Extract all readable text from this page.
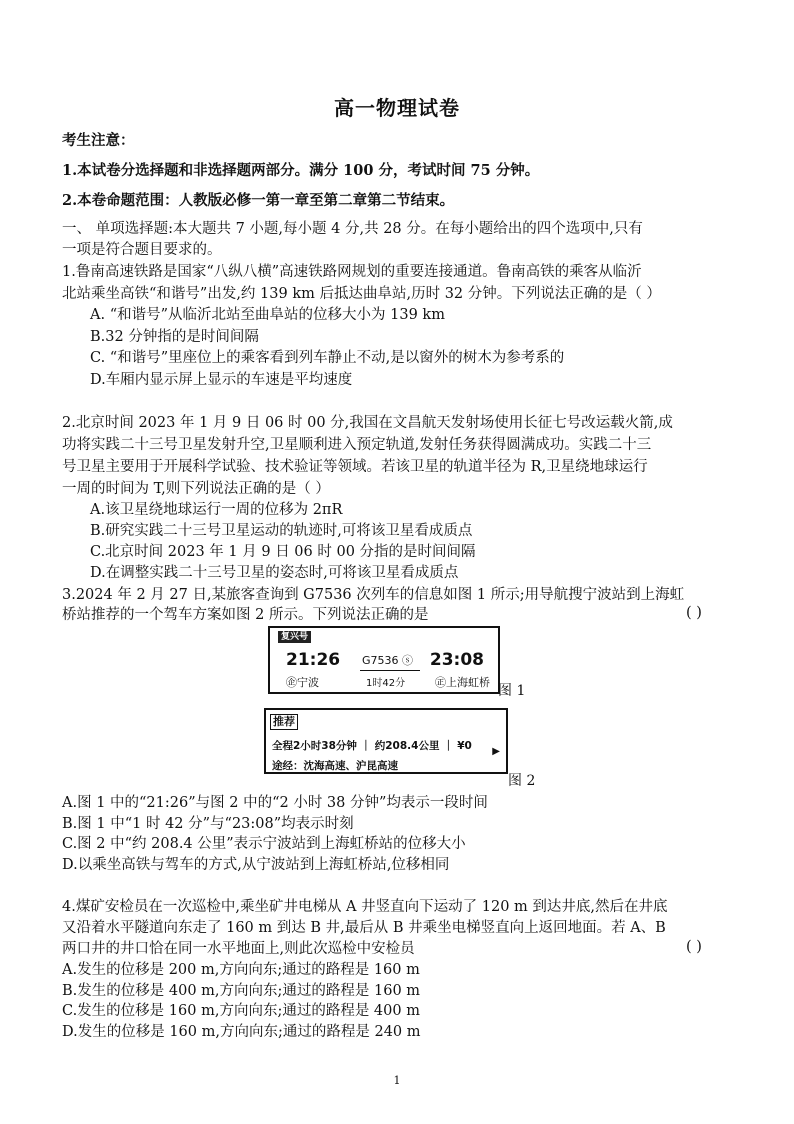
高一物理试卷
考生注意：
1.本试卷分选择题和非选择题两部分。满分 100 分，考试时间 75 分钟。
2.本卷命题范围：人教版必修一第一章至第二章第二节结束。
一、 单项选择题:本大题共 7 小题,每小题 4 分,共 28 分。在每小题给出的四个选项中,只有
一项是符合题目要求的。
1.鲁南高速铁路是国家“八纵八横”高速铁路网规划的重要连接通道。鲁南高铁的乘客从临沂
北站乘坐高铁“和谐号”出发,约 139 km 后抵达曲阜站,历时 32 分钟。下列说法正确的是（ ）
A. “和谐号”从临沂北站至曲阜站的位移大小为 139 km
B.32 分钟指的是时间间隔
C. “和谐号”里座位上的乘客看到列车静止不动,是以窗外的树木为参考系的
D.车厢内显示屏上显示的车速是平均速度
2.北京时间 2023 年 1 月 9 日 06 时 00 分,我国在文昌航天发射场使用长征七号改运载火箭,成
功将实践二十三号卫星发射升空,卫星顺利进入预定轨道,发射任务获得圆满成功。实践二十三
号卫星主要用于开展科学试验、技术验证等领域。若该卫星的轨道半径为 R,卫星绕地球运行
一周的时间为 T,则下列说法正确的是（ ）
A.该卫星绕地球运行一周的位移为 2πR
B.研究实践二十三号卫星运动的轨迹时,可将该卫星看成质点
C.北京时间 2023 年 1 月 9 日 06 时 00 分指的是时间间隔
D.在调整实践二十三号卫星的姿态时,可将该卫星看成质点
3.2024 年 2 月 27 日,某旅客查询到 G7536 次列车的信息如图 1 所示;用导航搜宁波站到上海虹
桥站推荐的一个驾车方案如图 2 所示。下列说法正确的是	( )
复兴号
21:26 G7536 ⓢ
1时42分
23:08
㊭宁波	㊣上海虹桥
图 1
推荐
全程2小时38分钟 ｜ 约208.4公里 ｜ ¥0
途经：沈海高速、沪昆高速
▶
图 2
A.图 1 中的“21:26”与图 2 中的“2 小时 38 分钟”均表示一段时间
B.图 1 中“1 时 42 分”与“23:08”均表示时刻
C.图 2 中“约 208.4 公里”表示宁波站到上海虹桥站的位移大小
D.以乘坐高铁与驾车的方式,从宁波站到上海虹桥站,位移相同
4.煤矿安检员在一次巡检中,乘坐矿井电梯从 A 井竖直向下运动了 120 m 到达井底,然后在井底
又沿着水平隧道向东走了 160 m 到达 B 井,最后从 B 井乘坐电梯竖直向上返回地面。若 A、B
两口井的井口恰在同一水平地面上,则此次巡检中安检员	( )
A.发生的位移是 200 m,方向向东;通过的路程是 160 m
B.发生的位移是 400 m,方向向东;通过的路程是 160 m
C.发生的位移是 160 m,方向向东;通过的路程是 400 m
D.发生的位移是 160 m,方向向东;通过的路程是 240 m
1
